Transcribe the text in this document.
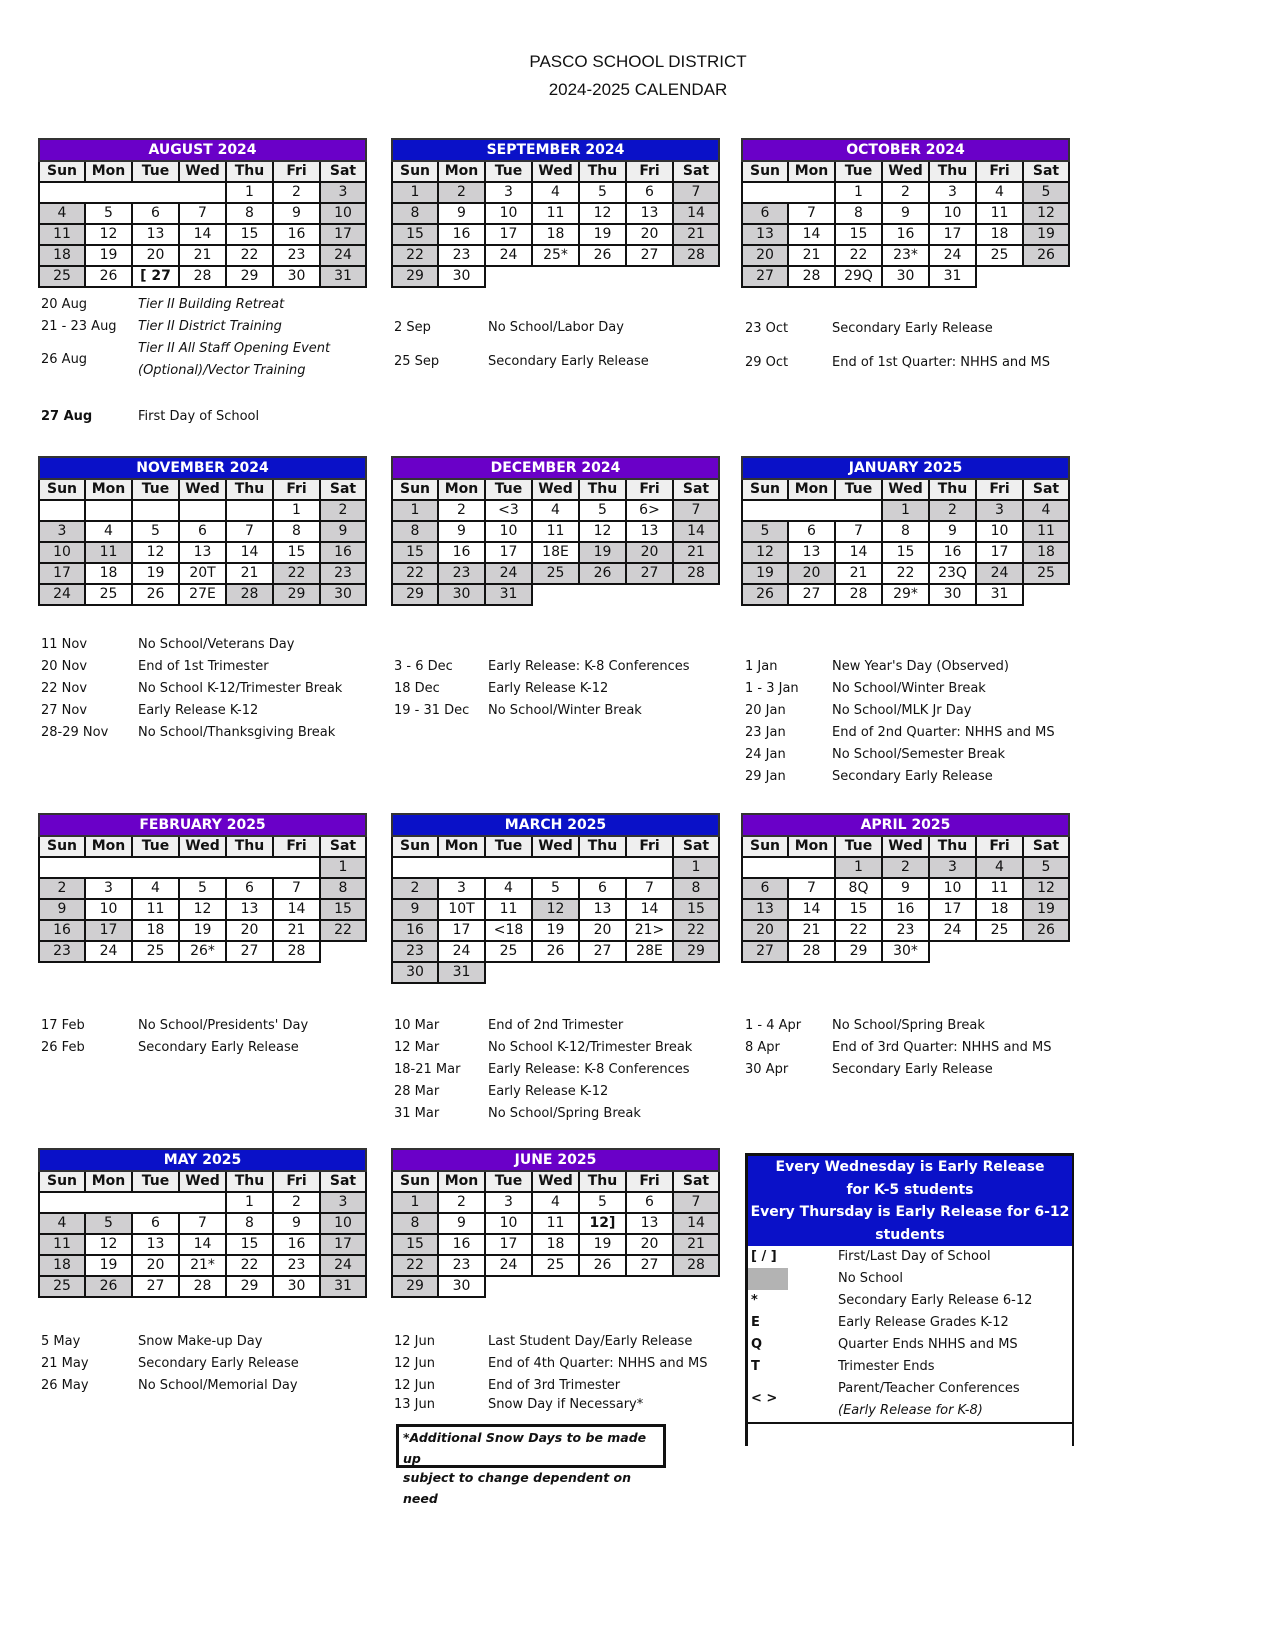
PASCO SCHOOL DISTRICT
2024-2025 CALENDAR
AUGUST 2024						
Sun	Mon	Tue	Wed	Thu	Fri	Sat
				1	2	3
4	5	6	7	8	9	10
11	12	13	14	15	16	17
18	19	20	21	22	23	24
25	26	[ 27	28	29	30	31
SEPTEMBER 2024						
Sun	Mon	Tue	Wed	Thu	Fri	Sat
1	2	3	4	5	6	7
8	9	10	11	12	13	14
15	16	17	18	19	20	21
22	23	24	25*	26	27	28
29	30					
OCTOBER 2024						
Sun	Mon	Tue	Wed	Thu	Fri	Sat
		1	2	3	4	5
6	7	8	9	10	11	12
13	14	15	16	17	18	19
20	21	22	23*	24	25	26
27	28	29Q	30	31		
NOVEMBER 2024						
Sun	Mon	Tue	Wed	Thu	Fri	Sat
					1	2
3	4	5	6	7	8	9
10	11	12	13	14	15	16
17	18	19	20T	21	22	23
24	25	26	27E	28	29	30
DECEMBER 2024						
Sun	Mon	Tue	Wed	Thu	Fri	Sat
1	2	<3	4	5	6>	7
8	9	10	11	12	13	14
15	16	17	18E	19	20	21
22	23	24	25	26	27	28
29	30	31				
JANUARY 2025						
Sun	Mon	Tue	Wed	Thu	Fri	Sat
			1	2	3	4
5	6	7	8	9	10	11
12	13	14	15	16	17	18
19	20	21	22	23Q	24	25
26	27	28	29*	30	31	
FEBRUARY 2025						
Sun	Mon	Tue	Wed	Thu	Fri	Sat
						1
2	3	4	5	6	7	8
9	10	11	12	13	14	15
16	17	18	19	20	21	22
23	24	25	26*	27	28	
MARCH 2025						
Sun	Mon	Tue	Wed	Thu	Fri	Sat
						1
2	3	4	5	6	7	8
9	10T	11	12	13	14	15
16	17	<18	19	20	21>	22
23	24	25	26	27	28E	29
30	31					
APRIL 2025						
Sun	Mon	Tue	Wed	Thu	Fri	Sat
		1	2	3	4	5
6	7	8Q	9	10	11	12
13	14	15	16	17	18	19
20	21	22	23	24	25	26
27	28	29	30*			
MAY 2025						
Sun	Mon	Tue	Wed	Thu	Fri	Sat
				1	2	3
4	5	6	7	8	9	10
11	12	13	14	15	16	17
18	19	20	21*	22	23	24
25	26	27	28	29	30	31
JUNE 2025						
Sun	Mon	Tue	Wed	Thu	Fri	Sat
1	2	3	4	5	6	7
8	9	10	11	12]	13	14
15	16	17	18	19	20	21
22	23	24	25	26	27	28
29	30					
20 Aug	Tier II Building Retreat
21 - 23 Aug Tier II District Training
26 Aug
Tier II All Staff Opening Event
(Optional)/Vector Training
27 Aug	First Day of School
2 Sep	No School/Labor Day
25 Sep	Secondary Early Release
23 Oct	Secondary Early Release
29 Oct	End of 1st Quarter: NHHS and MS
11 Nov	No School/Veterans Day
20 Nov	End of 1st Trimester
22 Nov	No School K-12/Trimester Break
27 Nov	Early Release K-12
28-29 Nov No School/Thanksgiving Break
3 - 6 Dec	Early Release: K-8 Conferences
18 Dec	Early Release K-12
19 - 31 Dec No School/Winter Break
1 Jan	New Year's Day (Observed)
1 - 3 Jan	No School/Winter Break
20 Jan	No School/MLK Jr Day
23 Jan	End of 2nd Quarter: NHHS and MS
24 Jan	No School/Semester Break
29 Jan	Secondary Early Release
17 Feb	No School/Presidents' Day
26 Feb	Secondary Early Release
10 Mar	End of 2nd Trimester
12 Mar	No School K-12/Trimester Break
18-21 Mar Early Release: K-8 Conferences
28 Mar	Early Release K-12
31 Mar	No School/Spring Break
1 - 4 Apr No School/Spring Break
8 Apr	End of 3rd Quarter: NHHS and MS
30 Apr	Secondary Early Release
5 May	Snow Make-up Day
21 May	Secondary Early Release
26 May	No School/Memorial Day
12 Jun	Last Student Day/Early Release
12 Jun	End of 4th Quarter: NHHS and MS
12 Jun	End of 3rd Trimester
13 Jun	Snow Day if Necessary*
*Additional Snow Days to be made up
subject to change dependent on need
Every Wednesday is Early Release
for K-5 students
Every Thursday is Early Release for 6-12
students
[ / ]	First/Last Day of School
No School
*	Secondary Early Release 6-12
E	Early Release Grades K-12
Q	Quarter Ends NHHS and MS
T	Trimester Ends
< >
Parent/Teacher Conferences
(Early Release for K-8)
